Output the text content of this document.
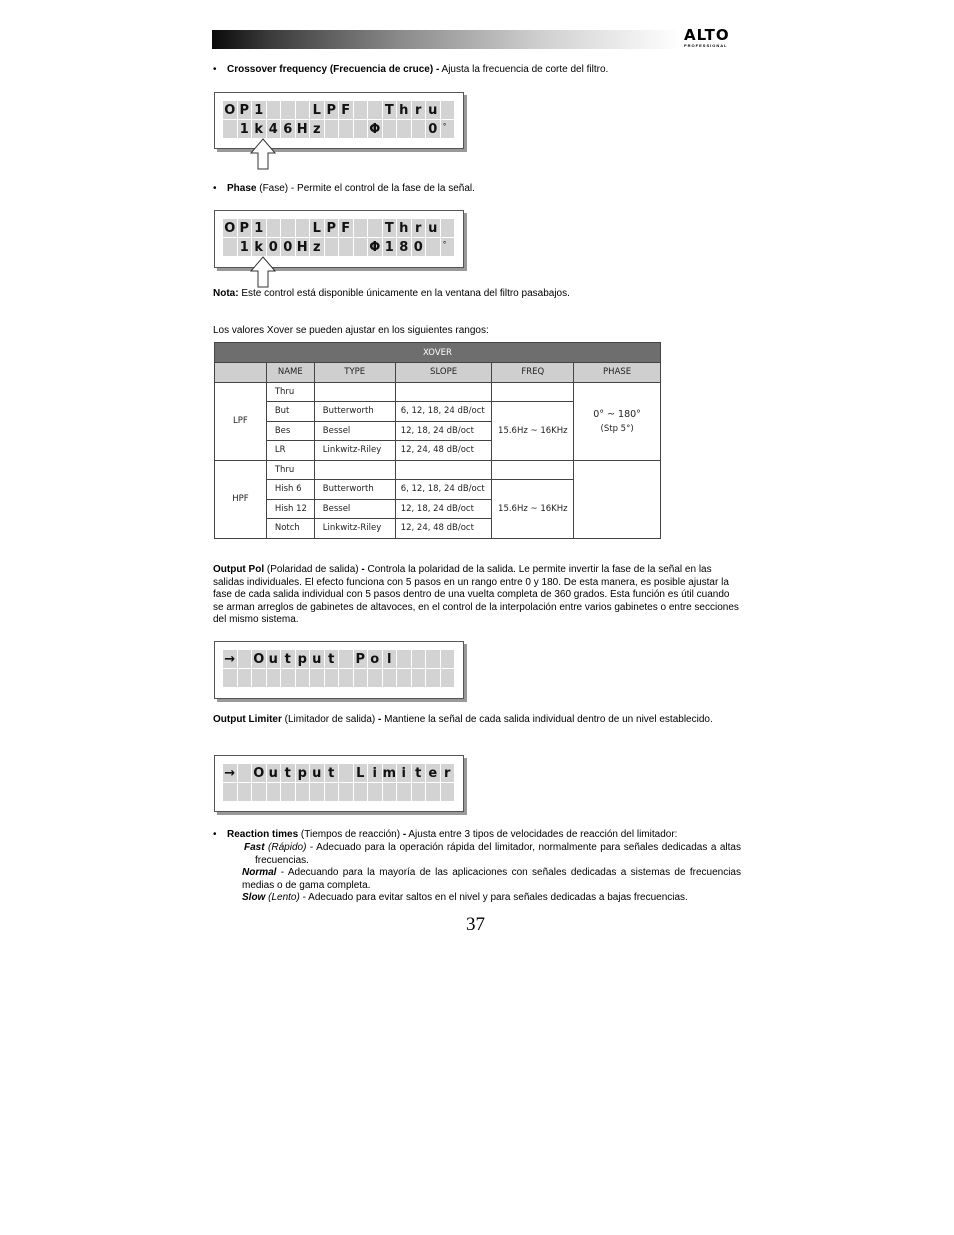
ALTO
PROFESSIONAL
• Crossover frequency (Frecuencia de cruce) - Ajusta la frecuencia de corte del filtro.
O P 1	L P F	T h r u
1 k 4 6 H z	Φ	0 °
• Phase (Fase) - Permite el control de la fase de la señal.
O P 1	L P F	T h r u
1 k 0 0 H z	Φ 1 8 0	°
Nota: Este control está disponible únicamente en la ventana del filtro pasabajos.
Los valores Xover se pueden ajustar en los siguientes rangos:
XOVER					
	NAME	TYPE	SLOPE	FREQ	PHASE
LPF	Thru				0° ~ 180°
(Stp 5°)

	But	Butterworth	6, 12, 18, 24 dB/oct	15.6Hz ~ 16KHz	
	Bes	Bessel	12, 18, 24 dB/oct		
	LR	Linkwitz-Riley	12, 24, 48 dB/oct		
HPF	Thru				
	Hish 6	Butterworth	6, 12, 18, 24 dB/oct	15.6Hz ~ 16KHz	
	Hish 12	Bessel	12, 18, 24 dB/oct		
	Notch	Linkwitz-Riley	12, 24, 48 dB/oct		
Output Pol (Polaridad de salida) - Controla la polaridad de la salida. Le permite invertir la fase de la señal en las salidas individuales. El efecto funciona con 5 pasos en un rango entre 0 y 180. De esta manera, es posible ajustar la fase de cada salida individual con 5 pasos dentro de una vuelta completa de 360 grados. Esta función es útil cuando se arman arreglos de gabinetes de altavoces, en el control de la interpolación entre varios gabinetes o entre secciones del mismo sistema.
→ O u t p u t	P o l
Output Limiter (Limitador de salida) - Mantiene la señal de cada salida individual dentro de un nivel establecido.
→ O u t p u t	L i m i t e r
• Reaction times (Tiempos de reacción) - Ajusta entre 3 tipos de velocidades de reacción del limitador:
Fast (Rápido) - Adecuado para la operación rápida del limitador, normalmente para señales dedicadas a altas frecuencias.
Normal - Adecuando para la mayoría de las aplicaciones con señales dedicadas a sistemas de frecuencias medias o de gama completa.
Slow (Lento) - Adecuado para evitar saltos en el nivel y para señales dedicadas a bajas frecuencias.
37
